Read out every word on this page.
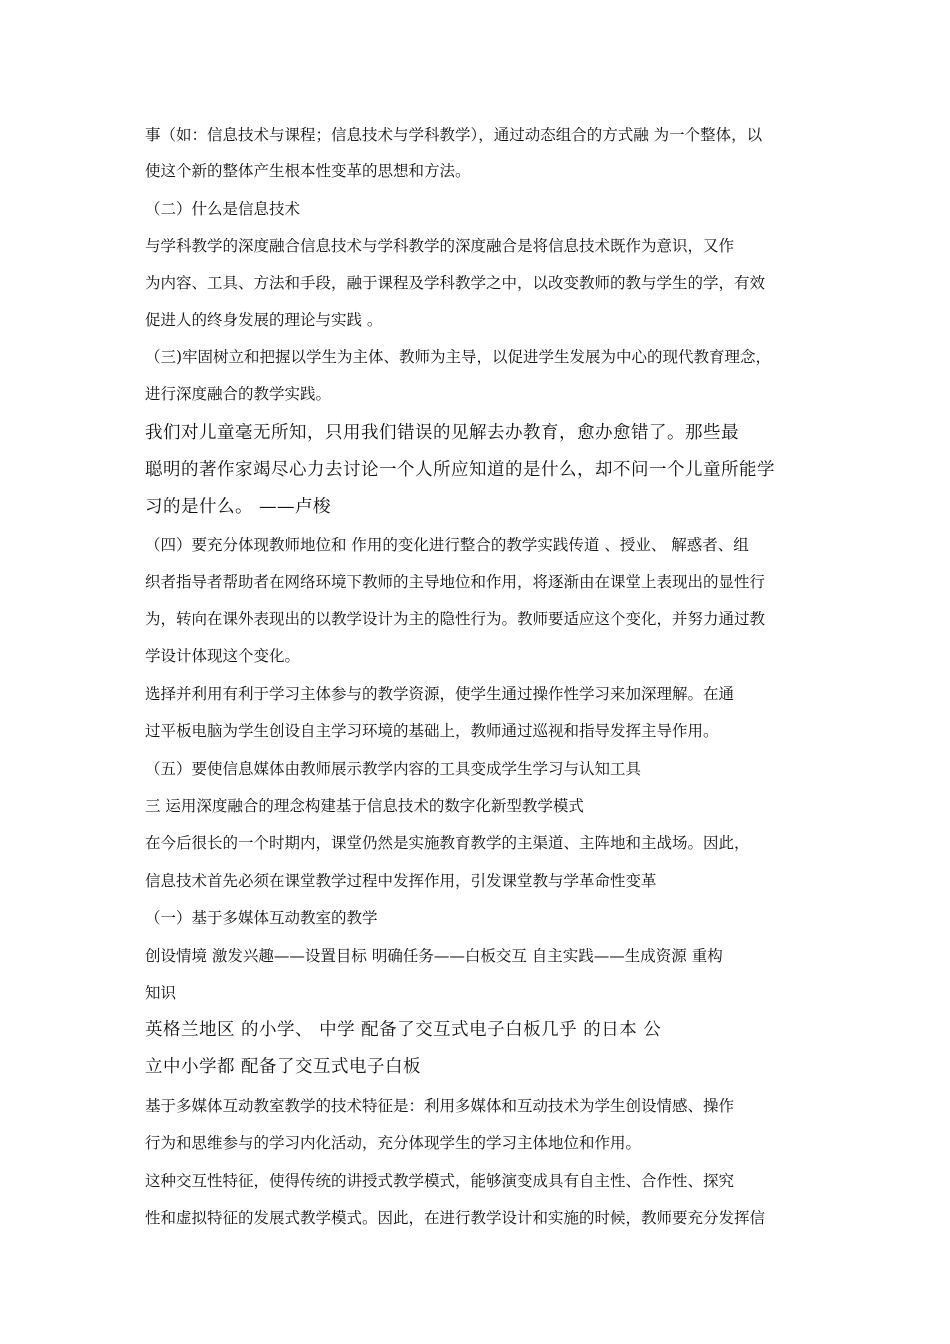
事（如：信息技术与课程；信息技术与学科教学），通过动态组合的方式融 为一个整体，以
使这个新的整体产生根本性变革的思想和方法。
（二）什么是信息技术
与学科教学的深度融合信息技术与学科教学的深度融合是将信息技术既作为意识，又作
为内容、工具、方法和手段，融于课程及学科教学之中，以改变教师的教与学生的学，有效
促进人的终身发展的理论与实践 。
（三)牢固树立和把握以学生为主体、教师为主导，以促进学生发展为中心的现代教育理念，
进行深度融合的教学实践。
我们对儿童毫无所知，只用我们错误的见解去办教育，愈办愈错了。那些最
聪明的著作家竭尽心力去讨论一个人所应知道的是什么，却不问一个儿童所能学
习的是什么。 ——卢梭
（四）要充分体现教师地位和 作用的变化进行整合的教学实践传道 、授业、 解惑者、组
织者指导者帮助者在网络环境下教师的主导地位和作用，将逐渐由在课堂上表现出的显性行
为，转向在课外表现出的以教学设计为主的隐性行为。教师要适应这个变化，并努力通过教
学设计体现这个变化。
选择并利用有利于学习主体参与的教学资源，使学生通过操作性学习来加深理解。在通
过平板电脑为学生创设自主学习环境的基础上，教师通过巡视和指导发挥主导作用。
（五）要使信息媒体由教师展示教学内容的工具变成学生学习与认知工具
三 运用深度融合的理念构建基于信息技术的数字化新型教学模式
在今后很长的一个时期内，课堂仍然是实施教育教学的主渠道、主阵地和主战场。因此，
信息技术首先必须在课堂教学过程中发挥作用，引发课堂教与学革命性变革
（一）基于多媒体互动教室的教学
创设情境 激发兴趣——设置目标 明确任务——白板交互 自主实践——生成资源 重构
知识
英格兰地区 的小学、 中学 配备了交互式电子白板几乎 的日本 公
立中小学都 配备了交互式电子白板
基于多媒体互动教室教学的技术特征是：利用多媒体和互动技术为学生创设情感、操作
行为和思维参与的学习内化活动，充分体现学生的学习主体地位和作用。
这种交互性特征，使得传统的讲授式教学模式，能够演变成具有自主性、合作性、探究
性和虚拟特征的发展式教学模式。因此，在进行教学设计和实施的时候，教师要充分发挥信
